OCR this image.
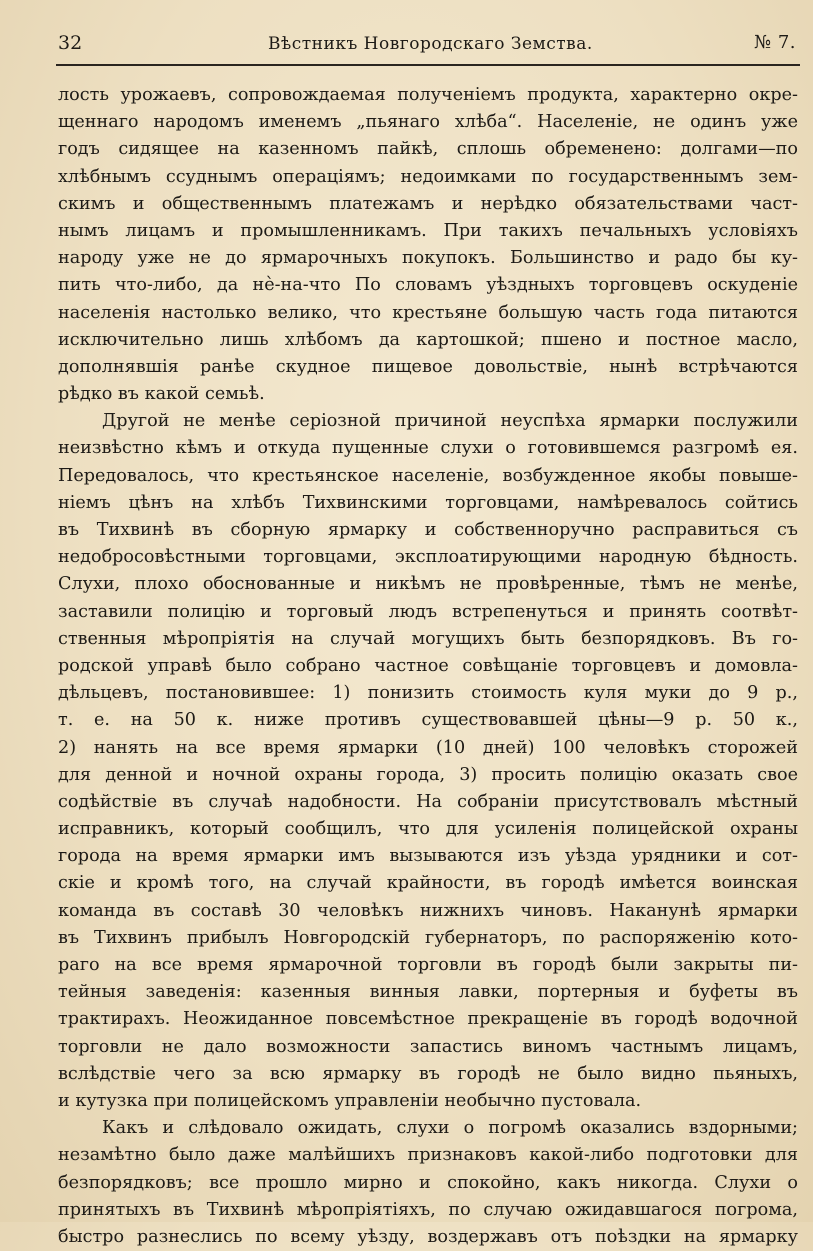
32	Вѣстникъ Новгородскаго Земства.	№ 7.
лость урожаевъ, сопровождаемая полученіемъ продукта, характерно окре-
щеннаго народомъ именемъ „пьянаго хлѣба“. Населеніе, не одинъ уже
годъ сидящее на казенномъ пайкѣ, сплошь обременено: долгами—по
хлѣбнымъ ссуднымъ операціямъ; недоимками по государственнымъ зем-
скимъ и общественнымъ платежамъ и нерѣдко обязательствами част-
нымъ лицамъ и промышленникамъ. При такихъ печальныхъ условіяхъ
народу уже не до ярмарочныхъ покупокъ. Большинство и радо бы ку-
пить что-либо, да нѐ-на-что По словамъ уѣздныхъ торговцевъ оскуденіе
населенія настолько велико, что крестьяне большую часть года питаются
исключительно лишь хлѣбомъ да картошкой; пшено и постное масло,
дополнявшія ранѣе скудное пищевое довольствіе, нынѣ встрѣчаются
рѣдко въ какой семьѣ.
Другой не менѣе серіозной причиной неуспѣха ярмарки послужили
неизвѣстно кѣмъ и откуда пущенные слухи о готовившемся разгромѣ ея.
Передовалось, что крестьянское населеніе, возбужденное якобы повыше-
ніемъ цѣнъ на хлѣбъ Тихвинскими торговцами, намѣревалось сойтись
въ Тихвинѣ въ сборную ярмарку и собственноручно расправиться съ
недобросовѣстными торговцами, эксплоатирующими народную бѣдность.
Слухи, плохо обоснованные и никѣмъ не провѣренные, тѣмъ не менѣе,
заставили полицію и торговый людъ встрепенуться и принять соотвѣт-
ственныя мѣропріятія на случай могущихъ быть безпорядковъ. Въ го-
родской управѣ было собрано частное совѣщаніе торговцевъ и домовла-
дѣльцевъ, постановившее: 1) понизить стоимость куля муки до 9 р.,
т. е. на 50 к. ниже противъ существовавшей цѣны—9 р. 50 к.,
2) нанять на все время ярмарки (10 дней) 100 человѣкъ сторожей
для денной и ночной охраны города, 3) просить полицію оказать свое
содѣйствіе въ случаѣ надобности. На собраніи присутствовалъ мѣстный
исправникъ, который сообщилъ, что для усиленія полицейской охраны
города на время ярмарки имъ вызываются изъ уѣзда урядники и сот-
скіе и кромѣ того, на случай крайности, въ городѣ имѣется воинская
команда въ составѣ 30 человѣкъ нижнихъ чиновъ. Наканунѣ ярмарки
въ Тихвинъ прибылъ Новгородскій губернаторъ, по распоряженію кото-
раго на все время ярмарочной торговли въ городѣ были закрыты пи-
тейныя заведенія: казенныя винныя лавки, портерныя и буфеты въ
трактирахъ. Неожиданное повсемѣстное прекращеніе въ городѣ водочной
торговли не дало возможности запастись виномъ частнымъ лицамъ,
вслѣдствіе чего за всю ярмарку въ городѣ не было видно пьяныхъ,
и кутузка при полицейскомъ управленіи необычно пустовала.
Какъ и слѣдовало ожидать, слухи о погромѣ оказались вздорными;
незамѣтно было даже малѣйшихъ признаковъ какой-либо подготовки для
безпорядковъ; все прошло мирно и спокойно, какъ никогда. Слухи о
принятыхъ въ Тихвинѣ мѣропріятіяхъ, по случаю ожидавшагося погрома,
быстро разнеслись по всему уѣзду, воздержавъ отъ поѣздки на ярмарку
